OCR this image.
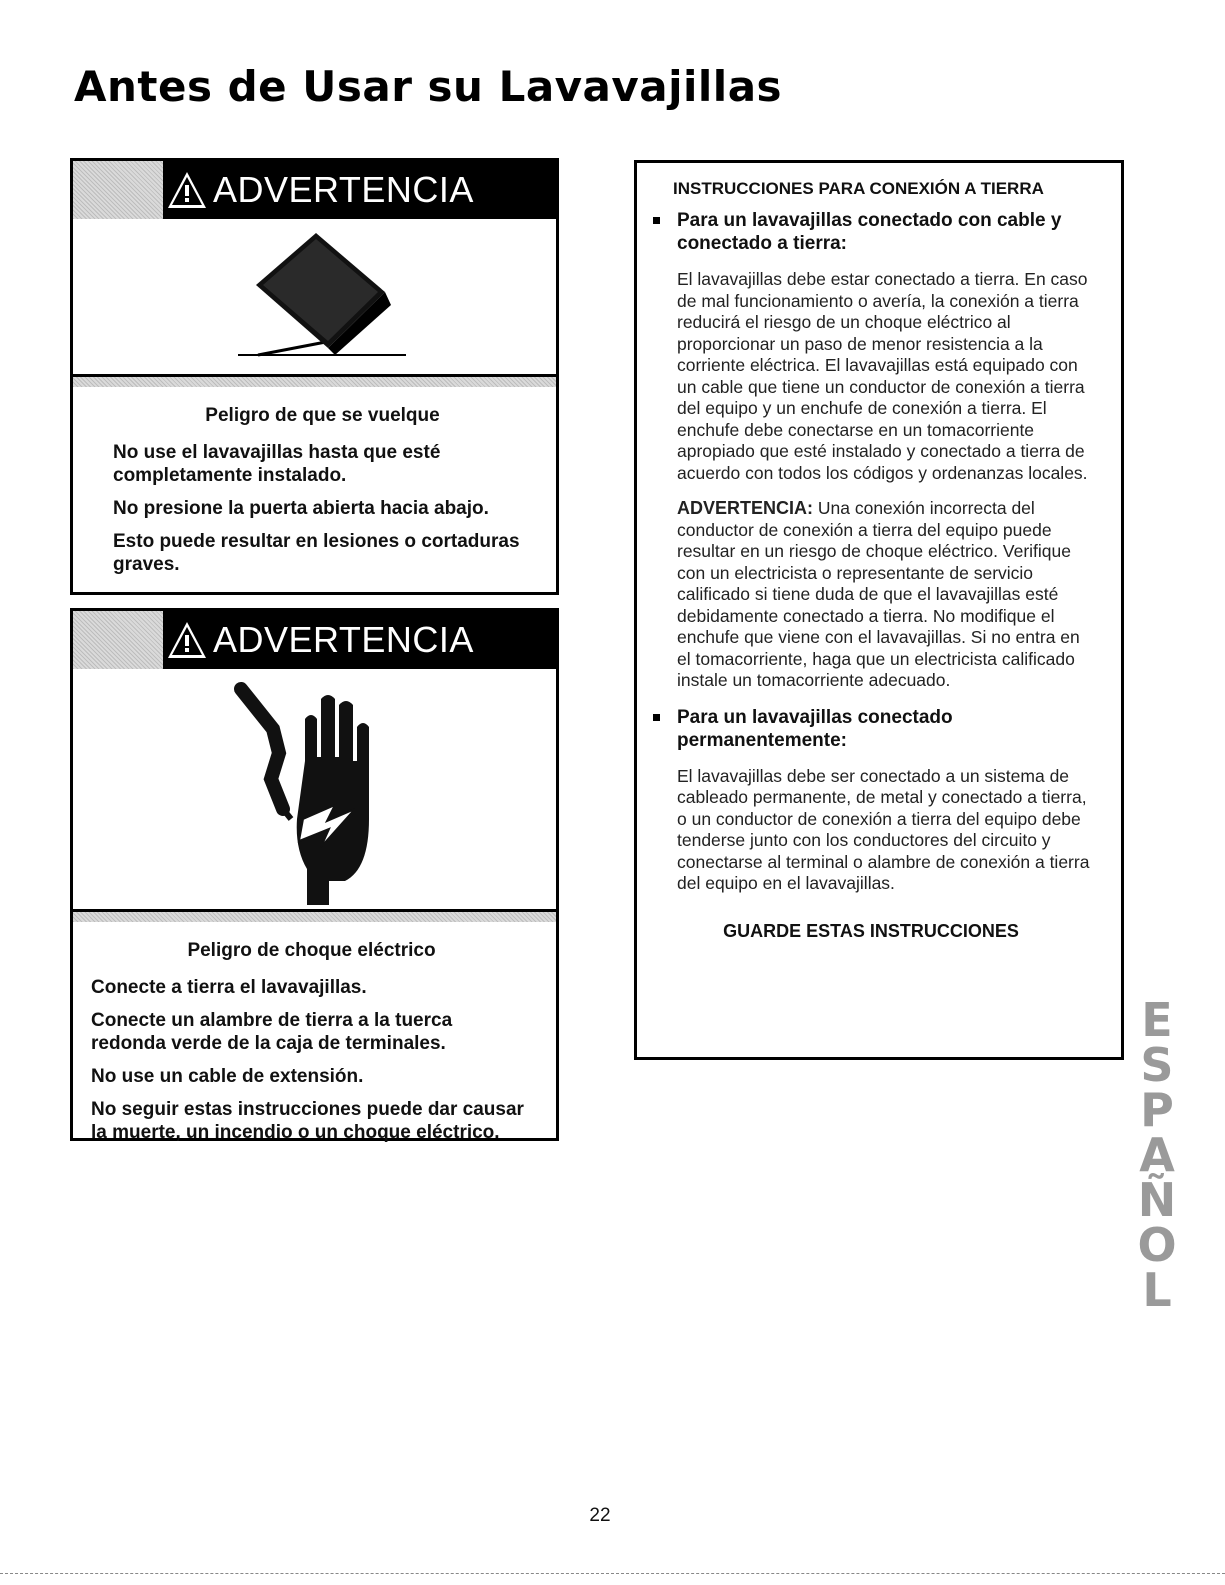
Antes de Usar su Lavavajillas
ADVERTENCIA

Peligro de que se vuelque

No use el lavavajillas hasta que esté completamente instalado.

No presione la puerta abierta hacia abajo.

Esto puede resultar en lesiones o cortaduras graves.

ADVERTENCIA

Peligro de choque eléctrico

Conecte a tierra el lavavajillas.

Conecte un alambre de tierra a la tuerca redonda verde de la caja de terminales.

No use un cable de extensión.

No seguir estas instrucciones puede dar causar la muerte, un incendio o un choque eléctrico.

INSTRUCCIONES PARA CONEXIÓN A TIERRA

Para un lavavajillas conectado con cable y conectado a tierra:

El lavavajillas debe estar conectado a tierra. En caso de mal funcionamiento o avería, la conexión a tierra reducirá el riesgo de un choque eléctrico al proporcionar un paso de menor resistencia a la corriente eléctrica. El lavavajillas está equipado con un cable que tiene un conductor de conexión a tierra del equipo y un enchufe de conexión a tierra. El enchufe debe conectarse en un tomacorriente apropiado que esté instalado y conectado a tierra de acuerdo con todos los códigos y ordenanzas locales.

ADVERTENCIA: Una conexión incorrecta del conductor de conexión a tierra del equipo puede resultar en un riesgo de choque eléctrico. Verifique con un electricista o representante de servicio calificado si tiene duda de que el lavavajillas esté debidamente conectado a tierra. No modifique el enchufe que viene con el lavavajillas. Si no entra en el tomacorriente, haga que un electricista calificado instale un tomacorriente adecuado.

Para un lavavajillas conectado permanentemente:

El lavavajillas debe ser conectado a un sistema de cableado permanente, de metal y conectado a tierra, o un conductor de conexión a tierra del equipo debe tenderse junto con los conductores del circuito y conectarse al terminal o alambre de conexión a tierra del equipo en el lavavajillas.

GUARDE ESTAS INSTRUCCIONES

E
S
P
A
Ñ
O
L
22
